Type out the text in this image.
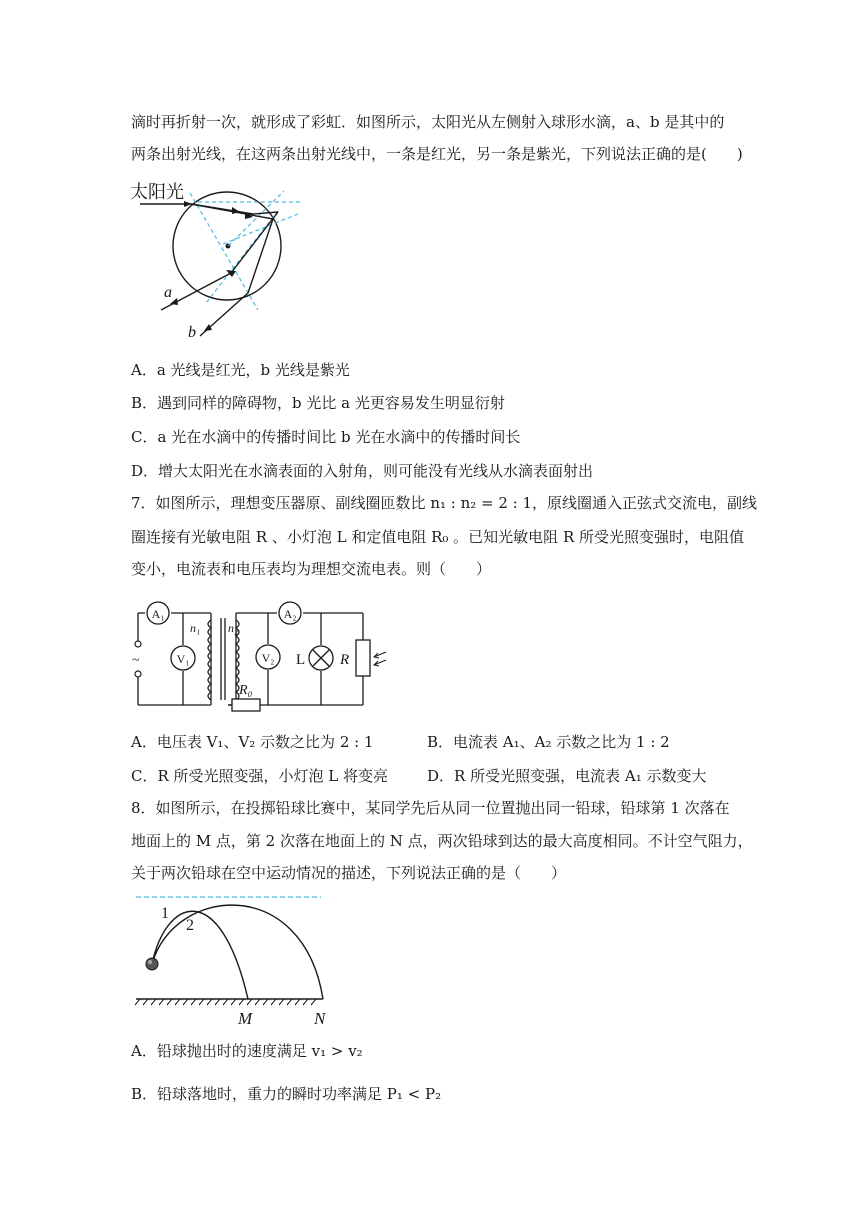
滴时再折射一次，就形成了彩虹．如图所示，太阳光从左侧射入球形水滴，a、b 是其中的
两条出射光线，在这两条出射光线中，一条是红光，另一条是紫光，下列说法正确的是(　　)
太阳光
a
b
A．a 光线是红光，b 光线是紫光
B．遇到同样的障碍物，b 光比 a 光更容易发生明显衍射
C．a 光在水滴中的传播时间比 b 光在水滴中的传播时间长
D．增大太阳光在水滴表面的入射角，则可能没有光线从水滴表面射出
7．如图所示，理想变压器原、副线圈匝数比 n₁ : n₂ = 2 : 1，原线圈通入正弦式交流电，副线
圈连接有光敏电阻 R 、小灯泡 L 和定值电阻 R₀ 。已知光敏电阻 R 所受光照变强时，电阻值
变小，电流表和电压表均为理想交流电表。则（　　）
~
A₁
V₁
A₂
V₂ L R
R₀
n₁ n₂
A．电压表 V₁、V₂ 示数之比为 2 : 1	B．电流表 A₁、A₂ 示数之比为 1 : 2
C．R 所受光照变强，小灯泡 L 将变亮	D．R 所受光照变强，电流表 A₁ 示数变大
8．如图所示，在投掷铅球比赛中，某同学先后从同一位置抛出同一铅球，铅球第 1 次落在
地面上的 M 点，第 2 次落在地面上的 N 点，两次铅球到达的最大高度相同。不计空气阻力，
关于两次铅球在空中运动情况的描述，下列说法正确的是（　　）
1
2
M	N
A．铅球抛出时的速度满足 v₁ > v₂
B．铅球落地时，重力的瞬时功率满足 P₁ < P₂
